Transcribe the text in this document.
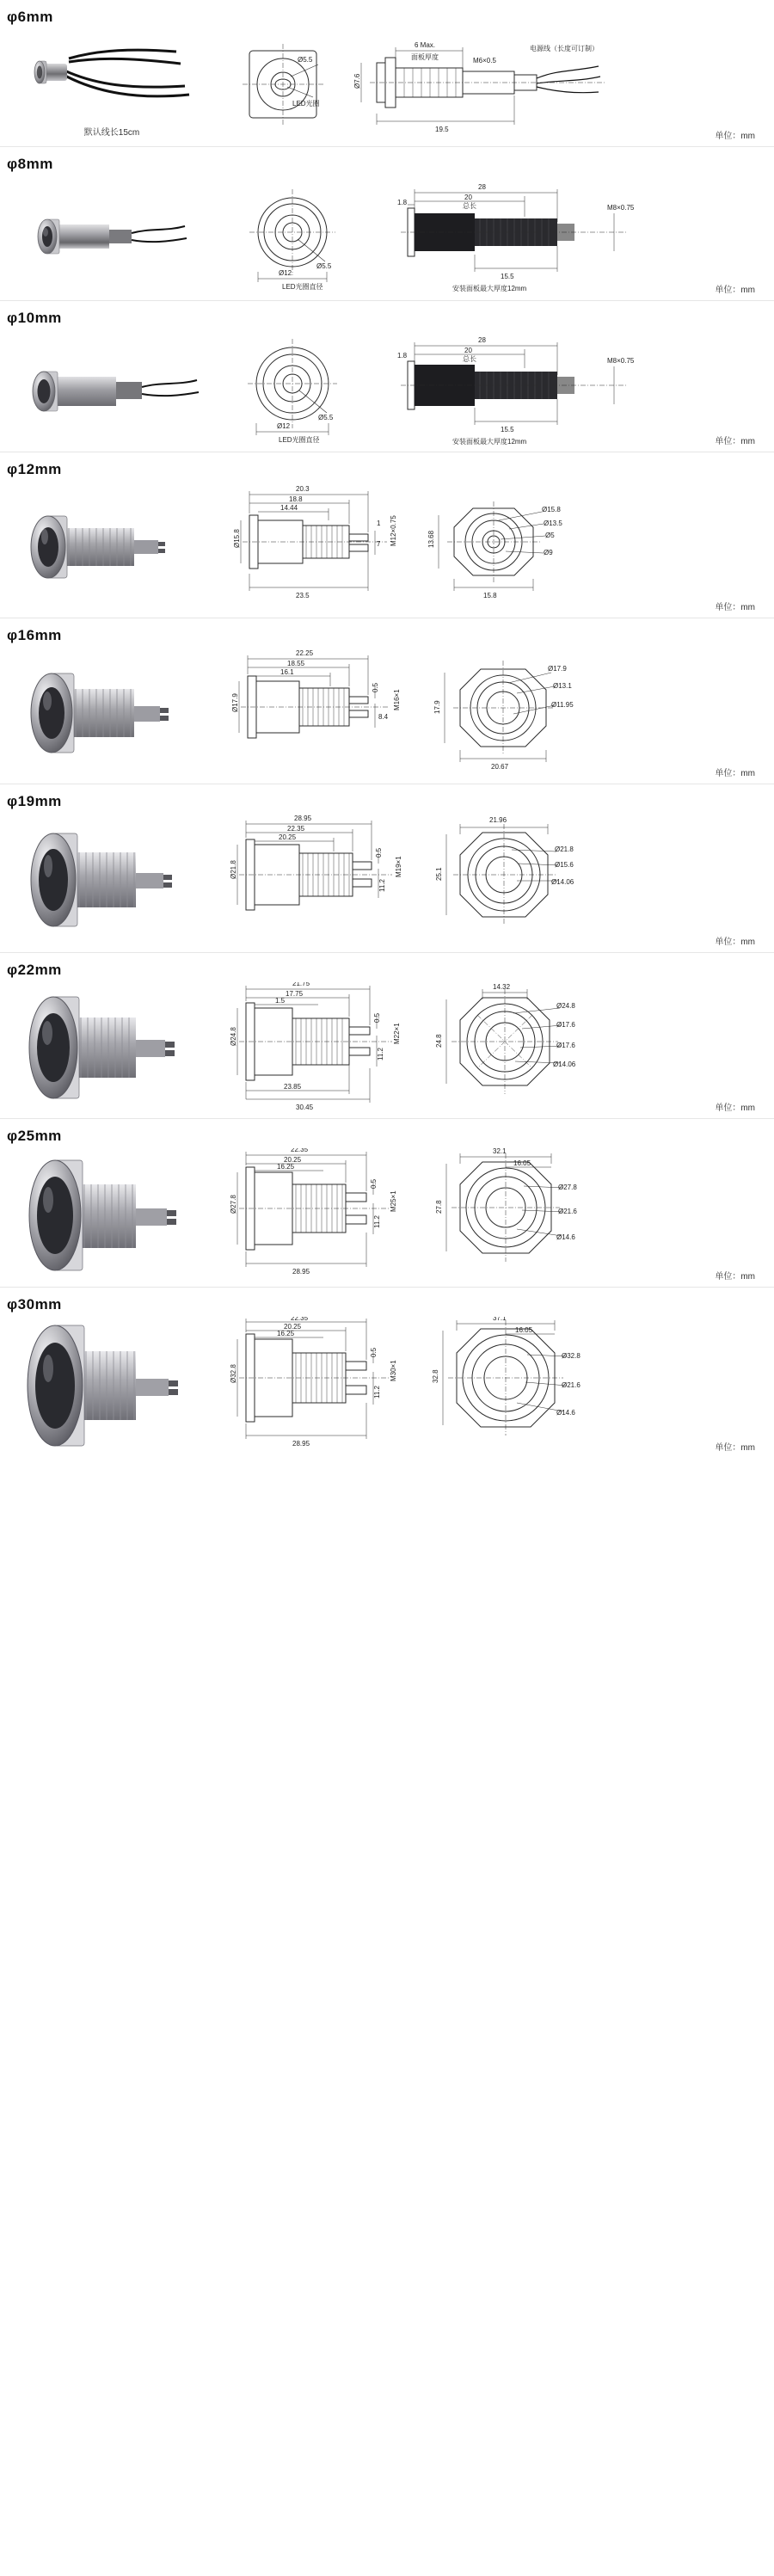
φ6mm
默认线长15cm
Ø5.5
LED光圈
6 Max.
面板厚度
19.5
Ø7.6
M6×0.5
电源线（长度可订制）
单位：mm
φ8mm
Ø12
Ø5.5
LED光圈直径
28
20
总长
1.8
15.5
M8×0.75
安装面板最大厚度12mm	单位：mm
φ10mm
Ø12
Ø5.5
LED光圈直径
28
20
总长
1.8
15.5
M8×0.75
安装面板最大厚度12mm	单位：mm
φ12mm
20.3
18.8
14.44
23.5
Ø15.8
1
7 M12×0.75
Ø15.8
Ø13.5
Ø5
Ø9
13.68
15.8
单位：mm
φ16mm
22.25
18.55
16.1
0.5
8.4
Ø17.9	M16×1
Ø17.9
Ø13.1
Ø11.95
17.9
20.67
单位：mm
φ19mm
28.95
22.35
20.25
0.5
11.2
Ø21.8	M19×1
21.96
Ø21.8
Ø15.6
Ø14.06
25.1
单位：mm
φ22mm
21.75
17.75
1.5
0.5
11.2
Ø24.8
23.85
30.45
M22×1
14.32
Ø24.8
Ø17.6
Ø17.6
Ø14.06
24.8
单位：mm
φ25mm
22.35
20.25
16.25
0.5
11.2
Ø27.8
28.95
M25×1
32.1
16.05
Ø27.8
Ø21.6
Ø14.6
27.8
单位：mm
φ30mm
22.35
20.25
16.25
0.5
11.2
Ø32.8
28.95
M30×1
37.1
16.05
Ø32.8
Ø21.6
Ø14.6
32.8
单位：mm
